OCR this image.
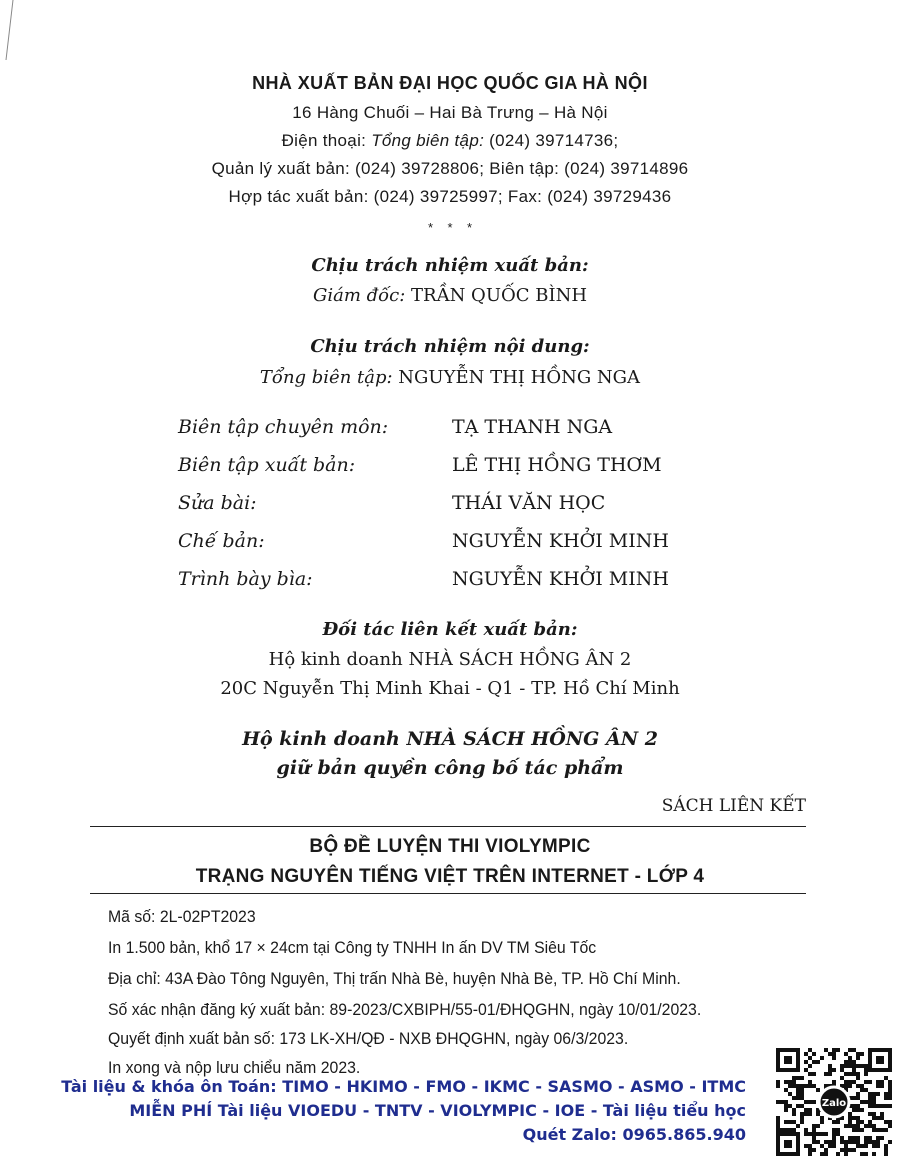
NHÀ XUẤT BẢN ĐẠI HỌC QUỐC GIA HÀ NỘI
16 Hàng Chuối – Hai Bà Trưng – Hà Nội
Điện thoại: Tổng biên tập: (024) 39714736;
Quản lý xuất bản: (024) 39728806; Biên tập: (024) 39714896
Hợp tác xuất bản: (024) 39725997; Fax: (024) 39729436
*    *    *
Chịu trách nhiệm xuất bản:
Giám đốc: TRẦN QUỐC BÌNH
Chịu trách nhiệm nội dung:
Tổng biên tập: NGUYỄN THỊ HỒNG NGA
Biên tập chuyên môn:	TẠ THANH NGA
Biên tập xuất bản:	LÊ THỊ HỒNG THƠM
Sửa bài:	THÁI VĂN HỌC
Chế bản:	NGUYỄN KHỞI MINH
Trình bày bìa:	NGUYỄN KHỞI MINH
Đối tác liên kết xuất bản:
Hộ kinh doanh NHÀ SÁCH HỒNG ÂN 2
20C Nguyễn Thị Minh Khai - Q1 - TP. Hồ Chí Minh
Hộ kinh doanh NHÀ SÁCH HỒNG ÂN 2
giữ bản quyền công bố tác phẩm
SÁCH LIÊN KẾT
BỘ ĐỀ LUYỆN THI VIOLYMPIC
TRẠNG NGUYÊN TIẾNG VIỆT TRÊN INTERNET - LỚP 4
Mã số: 2L-02PT2023
In 1.500 bản, khổ 17 × 24cm tại Công ty TNHH In ấn DV TM Siêu Tốc
Địa chỉ: 43A Đào Tông Nguyên, Thị trấn Nhà Bè, huyện Nhà Bè, TP. Hồ Chí Minh.
Số xác nhận đăng ký xuất bản: 89-2023/CXBIPH/55-01/ĐHQGHN, ngày 10/01/2023.
Quyết định xuất bản số: 173 LK-XH/QĐ - NXB ĐHQGHN, ngày 06/3/2023.
In xong và nộp lưu chiểu năm 2023.
Tài liệu & khóa ôn Toán: TIMO - HKIMO - FMO - IKMC - SASMO - ASMO - ITMC
MIỄN PHÍ Tài liệu VIOEDU - TNTV - VIOLYMPIC - IOE - Tài liệu tiểu học
Quét Zalo: 0965.865.940
Zalo
